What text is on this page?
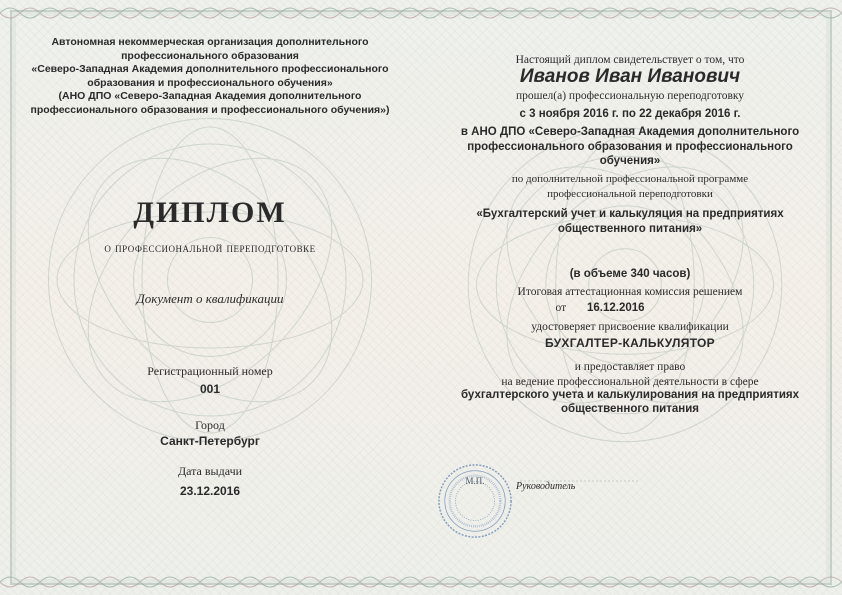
Автономная некоммерческая организация дополнительного
профессионального образования
«Северо-Западная Академия дополнительного профессионального
образования и профессионального обучения»
(АНО ДПО «Северо-Западная Академия дополнительного
профессионального образования и профессионального обучения»)
ДИПЛОМ
о профессиональной переподготовке
Документ о квалификации
Регистрационный номер
001
Город
Санкт-Петербург
Дата выдачи
23.12.2016
Настоящий диплом свидетельствует о том, что
Иванов Иван Иванович
прошел(а) профессиональную переподготовку
с 3 ноября 2016 г. по 22 декабря 2016 г.
в АНО ДПО «Северо-Западная Академия дополнительного
профессионального образования и профессионального
обучения»
по дополнительной профессиональной программе
профессиональной переподготовки
«Бухгалтерский учет и калькуляция на предприятиях
общественного питания»
(в объеме 340 часов)
Итоговая аттестационная комиссия решением
от 16.12.2016
удостоверяет присвоение квалификации
БУХГАЛТЕР-КАЛЬКУЛЯТОР
и предоставляет право
на ведение профессиональной деятельности в сфере
бухгалтерского учета и калькулирования на предприятиях
общественного питания
М.П.	Руководитель
